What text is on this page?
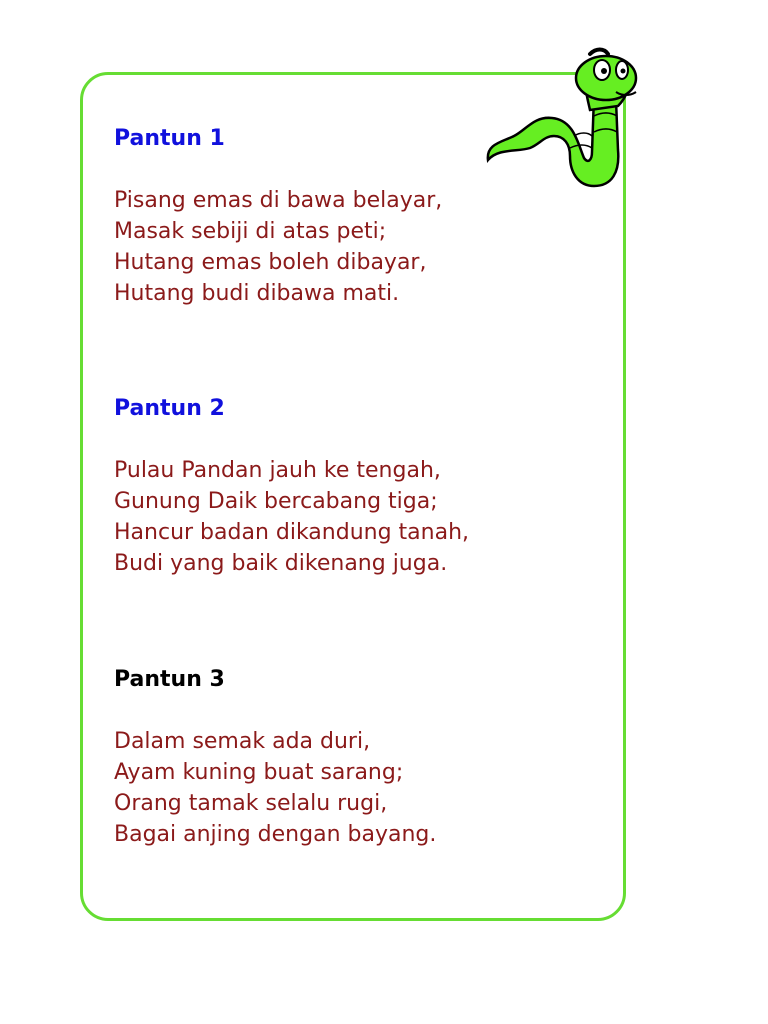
Pantun 1
Pisang emas di bawa belayar,
Masak sebiji di atas peti;
Hutang emas boleh dibayar,
Hutang budi dibawa mati.
Pantun 2
Pulau Pandan jauh ke tengah,
Gunung Daik bercabang tiga;
Hancur badan dikandung tanah,
Budi yang baik dikenang juga.
Pantun 3
Dalam semak ada duri,
Ayam kuning buat sarang;
Orang tamak selalu rugi,
Bagai anjing dengan bayang.
